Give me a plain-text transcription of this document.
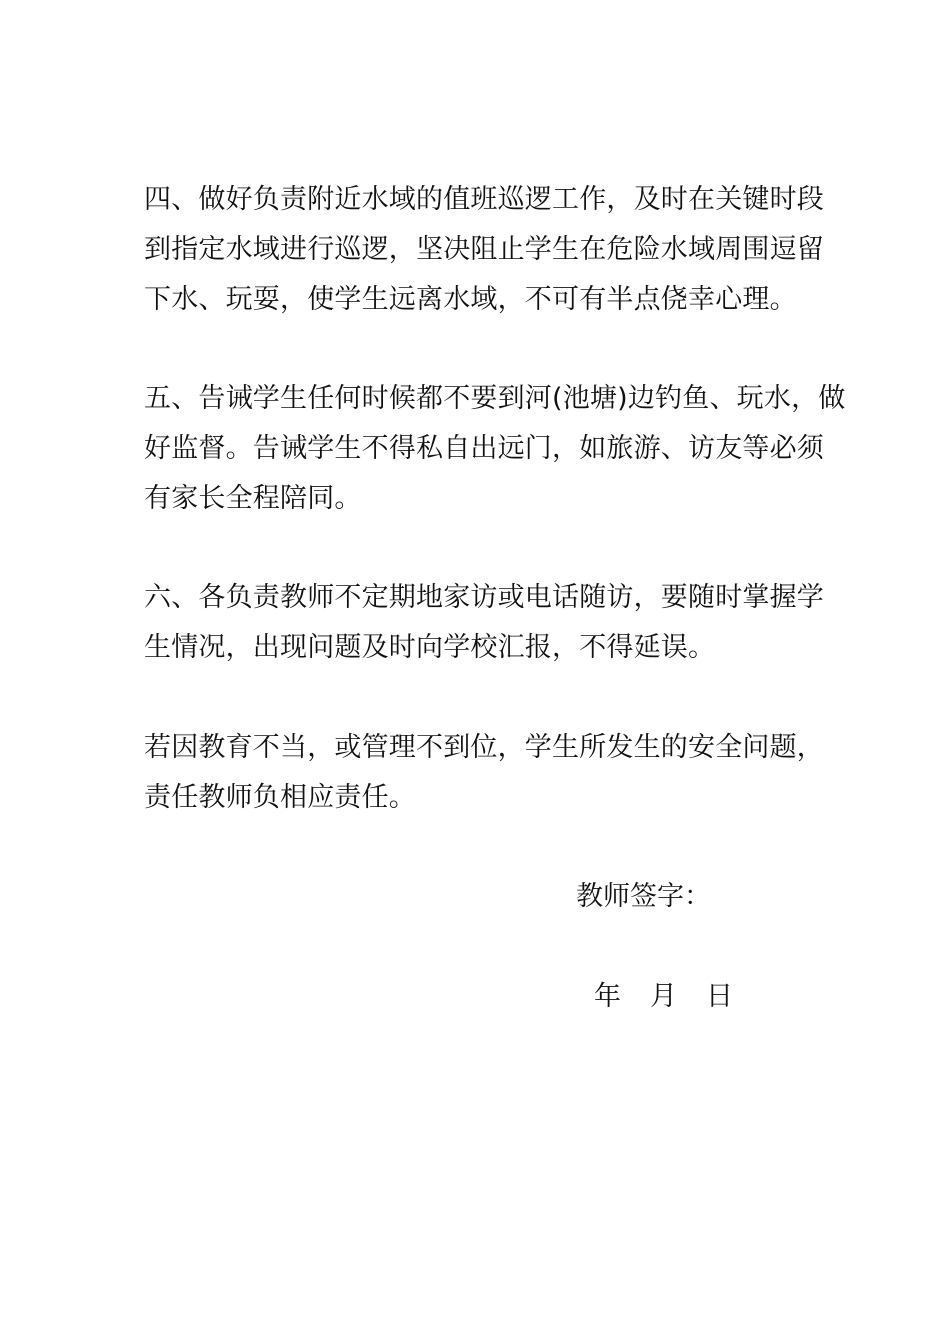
四、做好负责附近水域的值班巡逻工作，及时在关键时段
到指定水域进行巡逻，坚决阻止学生在危险水域周围逗留
下水、玩耍，使学生远离水域，不可有半点侥幸心理。
五、告诫学生任何时候都不要到河(池塘)边钓鱼、玩水，做
好监督。告诫学生不得私自出远门，如旅游、访友等必须
有家长全程陪同。
六、各负责教师不定期地家访或电话随访，要随时掌握学
生情况，出现问题及时向学校汇报，不得延误。
若因教育不当，或管理不到位，学生所发生的安全问题，
责任教师负相应责任。
教师签字：
年 月 日
